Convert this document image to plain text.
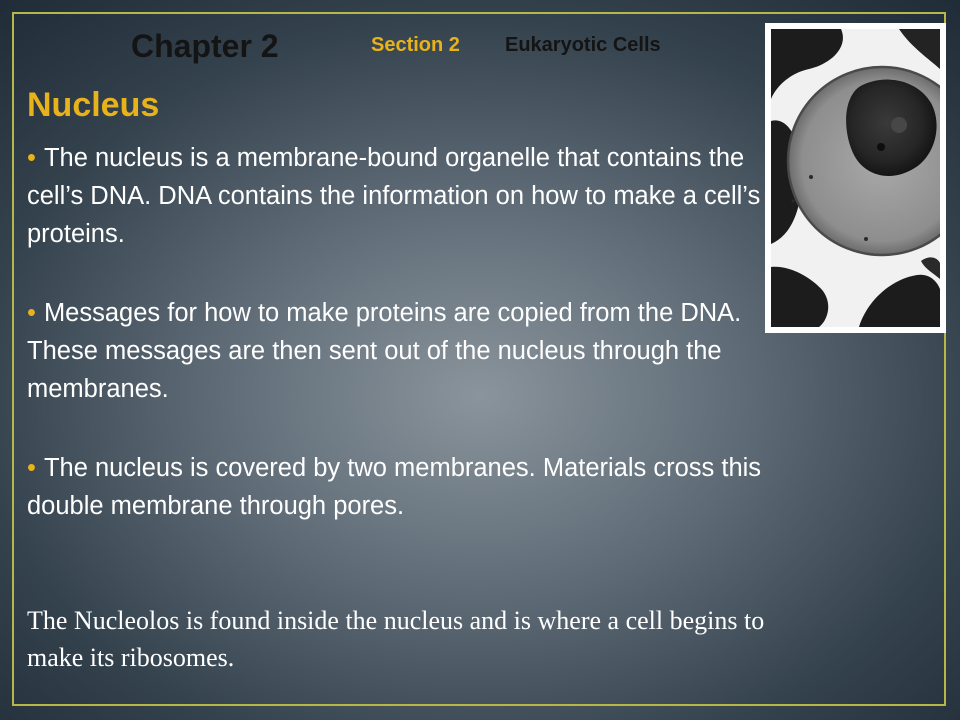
Chapter 2	Section 2 Eukaryotic Cells
Nucleus

• The nucleus is a membrane-bound organelle that contains the cell’s DNA. DNA contains the information on how to make a cell’s proteins.

• Messages for how to make proteins are copied from the DNA. These messages are then sent out of the nucleus through the membranes.

• The nucleus is covered by two membranes. Materials cross this double membrane through pores.

The Nucleolos is found inside the nucleus and is where a cell begins to make its ribosomes.
